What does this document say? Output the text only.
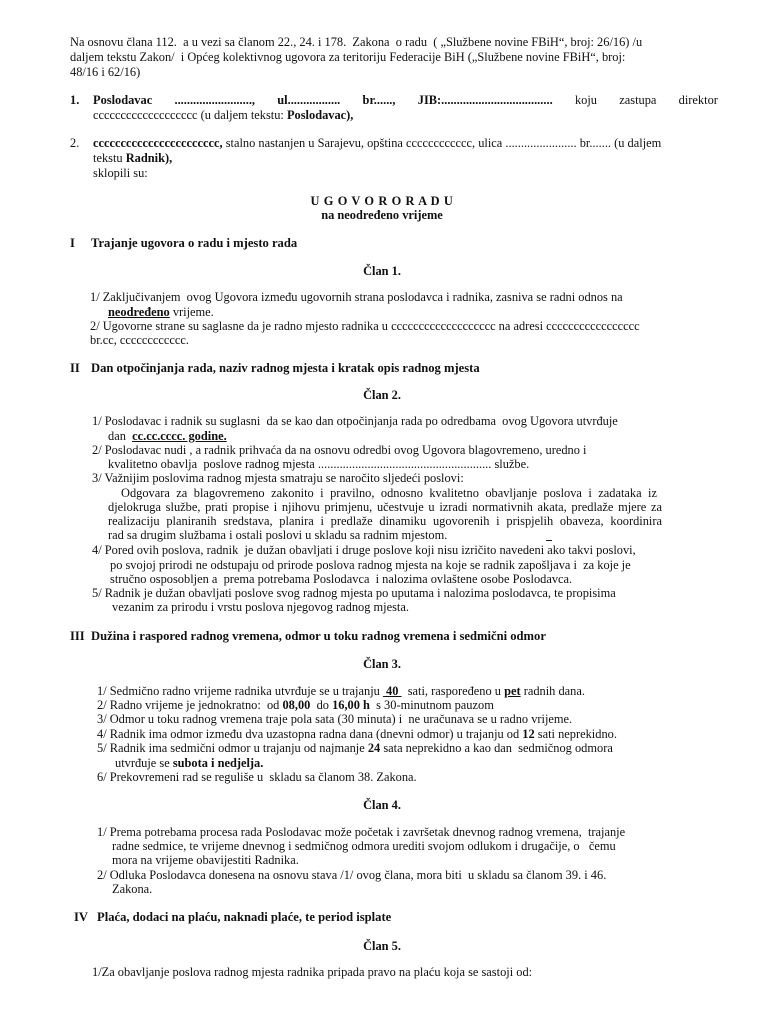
Na osnovu člana 112.  a u vezi sa članom 22., 24. i 178.  Zakona  o radu  ( „Službene novine FBiH“, broj: 26/16) /u
daljem tekstu Zakon/  i Općeg kolektivnog ugovora za teritoriju Federacije BiH („Službene novine FBiH“, broj:
48/16 i 62/16)
1. Poslodavac ........................., ul................. br......, JIB:.................................... koju zastupa direktor
ccccccccccccccccccc (u daljem tekstu: Poslodavac),
2. ccccccccccccccccccccccc, stalno nastanjen u Sarajevu, opština cccccccccccc, ulica ....................... br....... (u daljem
tekstu Radnik),
sklopili su:
U G O V O R O R A D U
na neodređeno vrijeme
I Trajanje ugovora o radu i mjesto rada
Član 1.
1/ Zaključivanjem  ovog Ugovora između ugovornih strana poslodavca i radnika, zasniva se radni odnos na
neodređeno vrijeme.
2/ Ugovorne strane su saglasne da je radno mjesto radnika u ccccccccccccccccccc na adresi ccccccccccccccccc
br.cc, cccccccccccc.
II Dan otpočinjanja rada, naziv radnog mjesta i kratak opis radnog mjesta
Član 2.
1/ Poslodavac i radnik su suglasni  da se kao dan otpočinjanja rada po odredbama  ovog Ugovora utvrđuje
dan  cc.cc.cccc. godine.
2/ Poslodavac nudi , a radnik prihvaća da na osnovu odredbi ovog Ugovora blagovremeno, uredno i
kvalitetno obavlja  poslove radnog mjesta ........................................................ službe.
3/ Važnijim poslovima radnog mjesta smatraju se naročito sljedeći poslovi:
Odgovara za blagovremeno zakonito i pravilno, odnosno kvalitetno obavljanje poslova i zadataka iz
djelokruga službe, prati propise i njihovu primjenu, učestvuje u izradi normativnih akata, predlaže mjere za
realizaciju planiranih sredstava, planira i predlaže dinamiku ugovorenih i prispjelih obaveza, koordinira
rad sa drugim službama i ostali poslovi u skladu sa radnim mjestom.
4/ Pored ovih poslova, radnik  je dužan obavljati i druge poslove koji nisu izričito navedeni ako takvi poslovi,
po svojoj prirodi ne odstupaju od prirode poslova radnog mjesta na koje se radnik zapošljava i  za koje je
stručno osposobljen a  prema potrebama Poslodavca  i nalozima ovlaštene osobe Poslodavca.
5/ Radnik je dužan obavljati poslove svog radnog mjesta po uputama i nalozima poslodavca, te propisima
vezanim za prirodu i vrstu poslova njegovog radnog mjesta.
III Dužina i raspored radnog vremena, odmor u toku radnog vremena i sedmični odmor
Član 3.
1/ Sedmično radno vrijeme radnika utvrđuje se u trajanju  40   sati, raspoređeno u pet radnih dana.
2/ Radno vrijeme je jednokratno:  od 08,00  do 16,00 h  s 30-minutnom pauzom
3/ Odmor u toku radnog vremena traje pola sata (30 minuta) i  ne uračunava se u radno vrijeme.
4/ Radnik ima odmor između dva uzastopna radna dana (dnevni odmor) u trajanju od 12 sati neprekidno.
5/ Radnik ima sedmični odmor u trajanju od najmanje 24 sata neprekidno a kao dan  sedmičnog odmora
utvrđuje se subota i nedjelja.
6/ Prekovremeni rad se reguliše u  skladu sa članom 38. Zakona.
Član 4.
1/ Prema potrebama procesa rada Poslodavac može početak i završetak dnevnog radnog vremena,  trajanje
radne sedmice, te vrijeme dnevnog i sedmičnog odmora urediti svojom odlukom i drugačije, o   čemu
mora na vrijeme obavijestiti Radnika.
2/ Odluka Poslodavca donesena na osnovu stava /1/ ovog člana, mora biti  u skladu sa članom 39. i 46.
Zakona.
IV Plaća, dodaci na plaću, naknadi plaće, te period isplate
Član 5.
1/Za obavljanje poslova radnog mjesta radnika pripada pravo na plaću koja se sastoji od:
